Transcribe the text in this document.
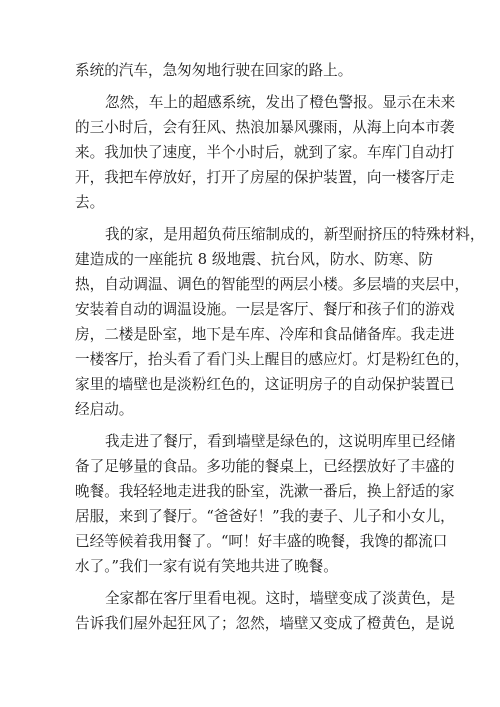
系统的汽车，急匆匆地行驶在回家的路上。
忽然，车上的超感系统，发出了橙色警报。显示在未来
的三小时后，会有狂风、热浪加暴风骤雨，从海上向本市袭
来。我加快了速度，半个小时后，就到了家。车库门自动打
开，我把车停放好，打开了房屋的保护装置，向一楼客厅走
去。
我的家，是用超负荷压缩制成的，新型耐挤压的特殊材料，
建造成的一座能抗 8 级地震、抗台风，防水、防寒、防
热，自动调温、调色的智能型的两层小楼。多层墙的夹层中，
安装着自动的调温设施。一层是客厅、餐厅和孩子们的游戏
房，二楼是卧室，地下是车库、冷库和食品储备库。我走进
一楼客厅，抬头看了看门头上醒目的感应灯。灯是粉红色的，
家里的墙壁也是淡粉红色的，这证明房子的自动保护装置已
经启动。
我走进了餐厅，看到墙壁是绿色的，这说明库里已经储
备了足够量的食品。多功能的餐桌上，已经摆放好了丰盛的
晚餐。我轻轻地走进我的卧室，洗漱一番后，换上舒适的家
居服，来到了餐厅。“爸爸好！”我的妻子、儿子和小女儿，
已经等候着我用餐了。“呵！好丰盛的晚餐，我馋的都流口
水了。”我们一家有说有笑地共进了晚餐。
全家都在客厅里看电视。这时，墙壁变成了淡黄色，是
告诉我们屋外起狂风了；忽然，墙壁又变成了橙黄色，是说
